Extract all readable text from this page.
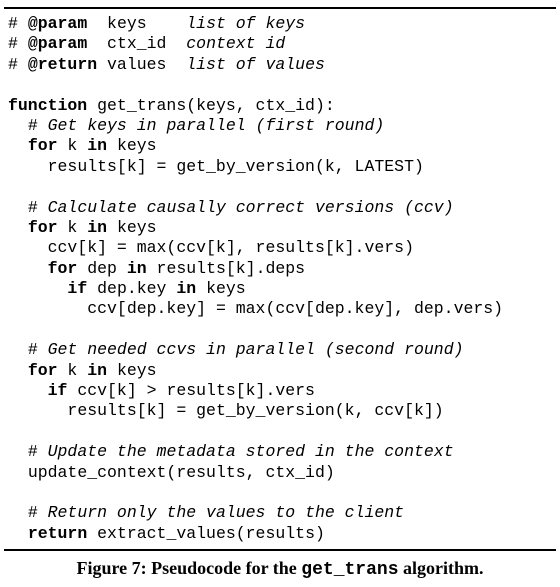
# @param  keys    list of keys
# @param  ctx_id  context id
# @return values  list of values
function get_trans(keys, ctx_id):
# Get keys in parallel (first round)
for k in keys
results[k] = get_by_version(k, LATEST)
# Calculate causally correct versions (ccv)
for k in keys
ccv[k] = max(ccv[k], results[k].vers)
for dep in results[k].deps
if dep.key in keys
ccv[dep.key] = max(ccv[dep.key], dep.vers)
# Get needed ccvs in parallel (second round)
for k in keys
if ccv[k] > results[k].vers
results[k] = get_by_version(k, ccv[k])
# Update the metadata stored in the context
update_context(results, ctx_id)
# Return only the values to the client
return extract_values(results)
Figure 7: Pseudocode for the get_trans algorithm.
